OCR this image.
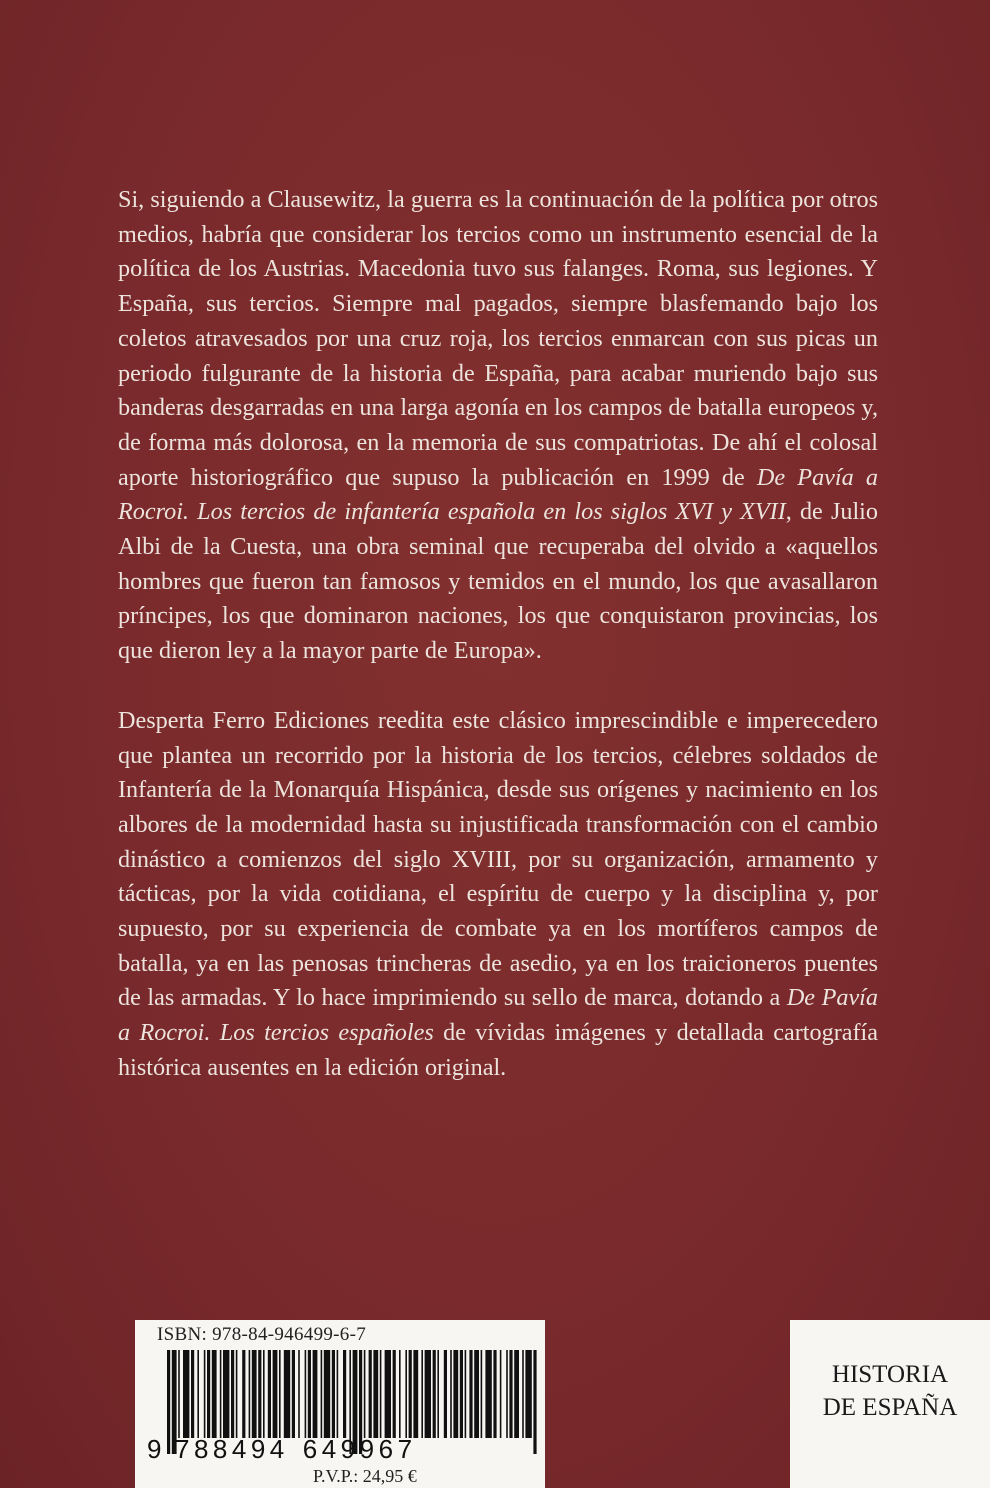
Si, siguiendo a Clausewitz, la guerra es la continuación de la política por otros medios, habría que considerar los tercios como un instrumento esencial de la política de los Austrias. Macedonia tuvo sus falanges. Roma, sus legiones. Y España, sus tercios. Siempre mal pagados, siempre blasfemando bajo los coletos atravesados por una cruz roja, los tercios enmarcan con sus picas un periodo fulgurante de la historia de España, para acabar muriendo bajo sus banderas desgarradas en una larga agonía en los campos de batalla europeos y, de forma más dolorosa, en la memoria de sus compatriotas. De ahí el colosal aporte historiográfico que supuso la publicación en 1999 de De Pavía a Rocroi. Los tercios de infantería española en los siglos XVI y XVII, de Julio Albi de la Cuesta, una obra seminal que recuperaba del olvido a «aquellos hombres que fueron tan famosos y temidos en el mundo, los que avasallaron príncipes, los que dominaron naciones, los que conquistaron provincias, los que dieron ley a la mayor parte de Europa».

Desperta Ferro Ediciones reedita este clásico imprescindible e imperecedero que plantea un recorrido por la historia de los tercios, célebres soldados de Infantería de la Monarquía Hispánica, desde sus orígenes y nacimiento en los albores de la modernidad hasta su injustificada transformación con el cambio dinástico a comienzos del siglo XVIII, por su organización, armamento y tácticas, por la vida cotidiana, el espíritu de cuerpo y la disciplina y, por supuesto, por su experiencia de combate ya en los mortíferos campos de batalla, ya en las penosas trincheras de asedio, ya en los traicioneros puentes de las armadas. Y lo hace imprimiendo su sello de marca, dotando a De Pavía a Rocroi. Los tercios españoles de vívidas imágenes y detallada cartografía histórica ausentes en la edición original.

ISBN: 978-84-946499-6-7
9 788494 649967
P.V.P.: 24,95 €
HISTORIA
DE ESPAÑA
